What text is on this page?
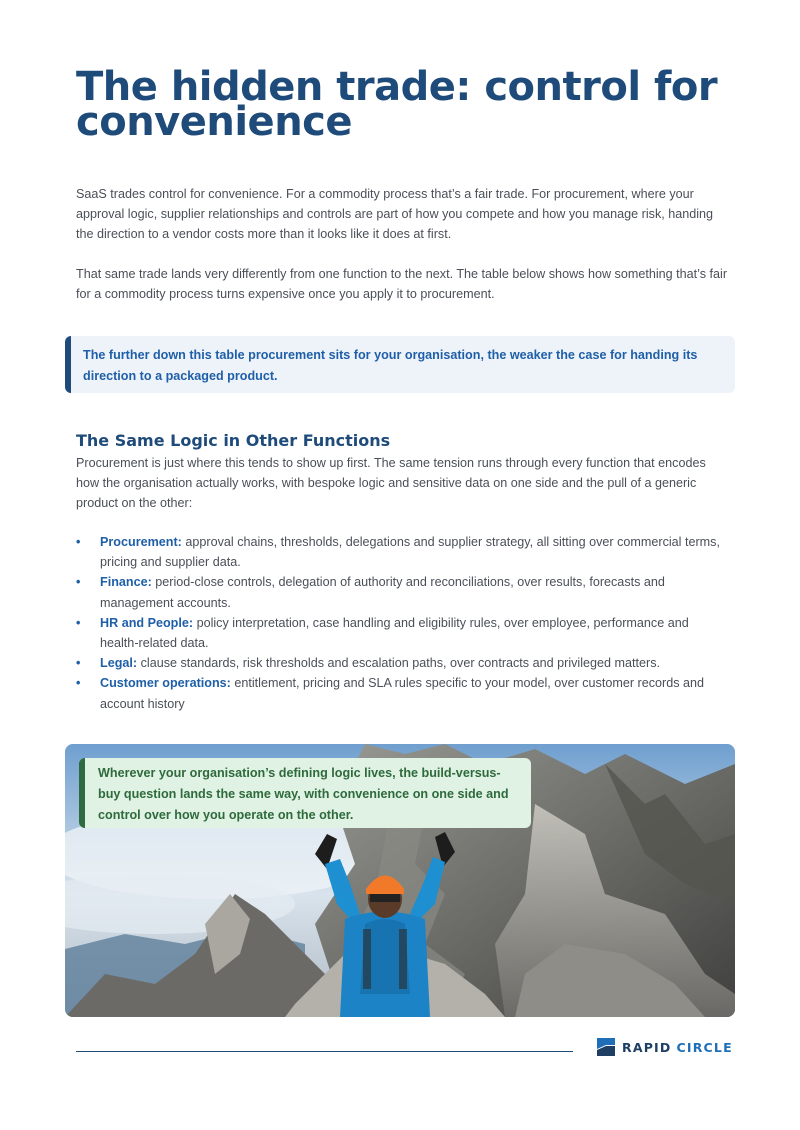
The hidden trade: control for convenience

SaaS trades control for convenience. For a commodity process that’s a fair trade. For procurement, where your approval logic, supplier relationships and controls are part of how you compete and how you manage risk, handing the direction to a vendor costs more than it looks like it does at first.

That same trade lands very differently from one function to the next. The table below shows how something that’s fair for a commodity process turns expensive once you apply it to procurement.

The further down this table procurement sits for your organisation, the weaker the case for handing its direction to a packaged product.

The Same Logic in Other Functions

Procurement is just where this tends to show up first. The same tension runs through every function that encodes how the organisation actually works, with bespoke logic and sensitive data on one side and the pull of a generic product on the other:

• Procurement: approval chains, thresholds, delegations and supplier strategy, all sitting over commercial terms, pricing and supplier data.
• Finance: period-close controls, delegation of authority and reconciliations, over results, forecasts and management accounts.
• HR and People: policy interpretation, case handling and eligibility rules, over employee, performance and health-related data.
• Legal: clause standards, risk thresholds and escalation paths, over contracts and privileged matters.
• Customer operations: entitlement, pricing and SLA rules specific to your model, over customer records and account history

Wherever your organisation’s defining logic lives, the build-versus-buy question lands the same way, with convenience on one side and control over how you operate on the other.

RAPID CIRCLE
